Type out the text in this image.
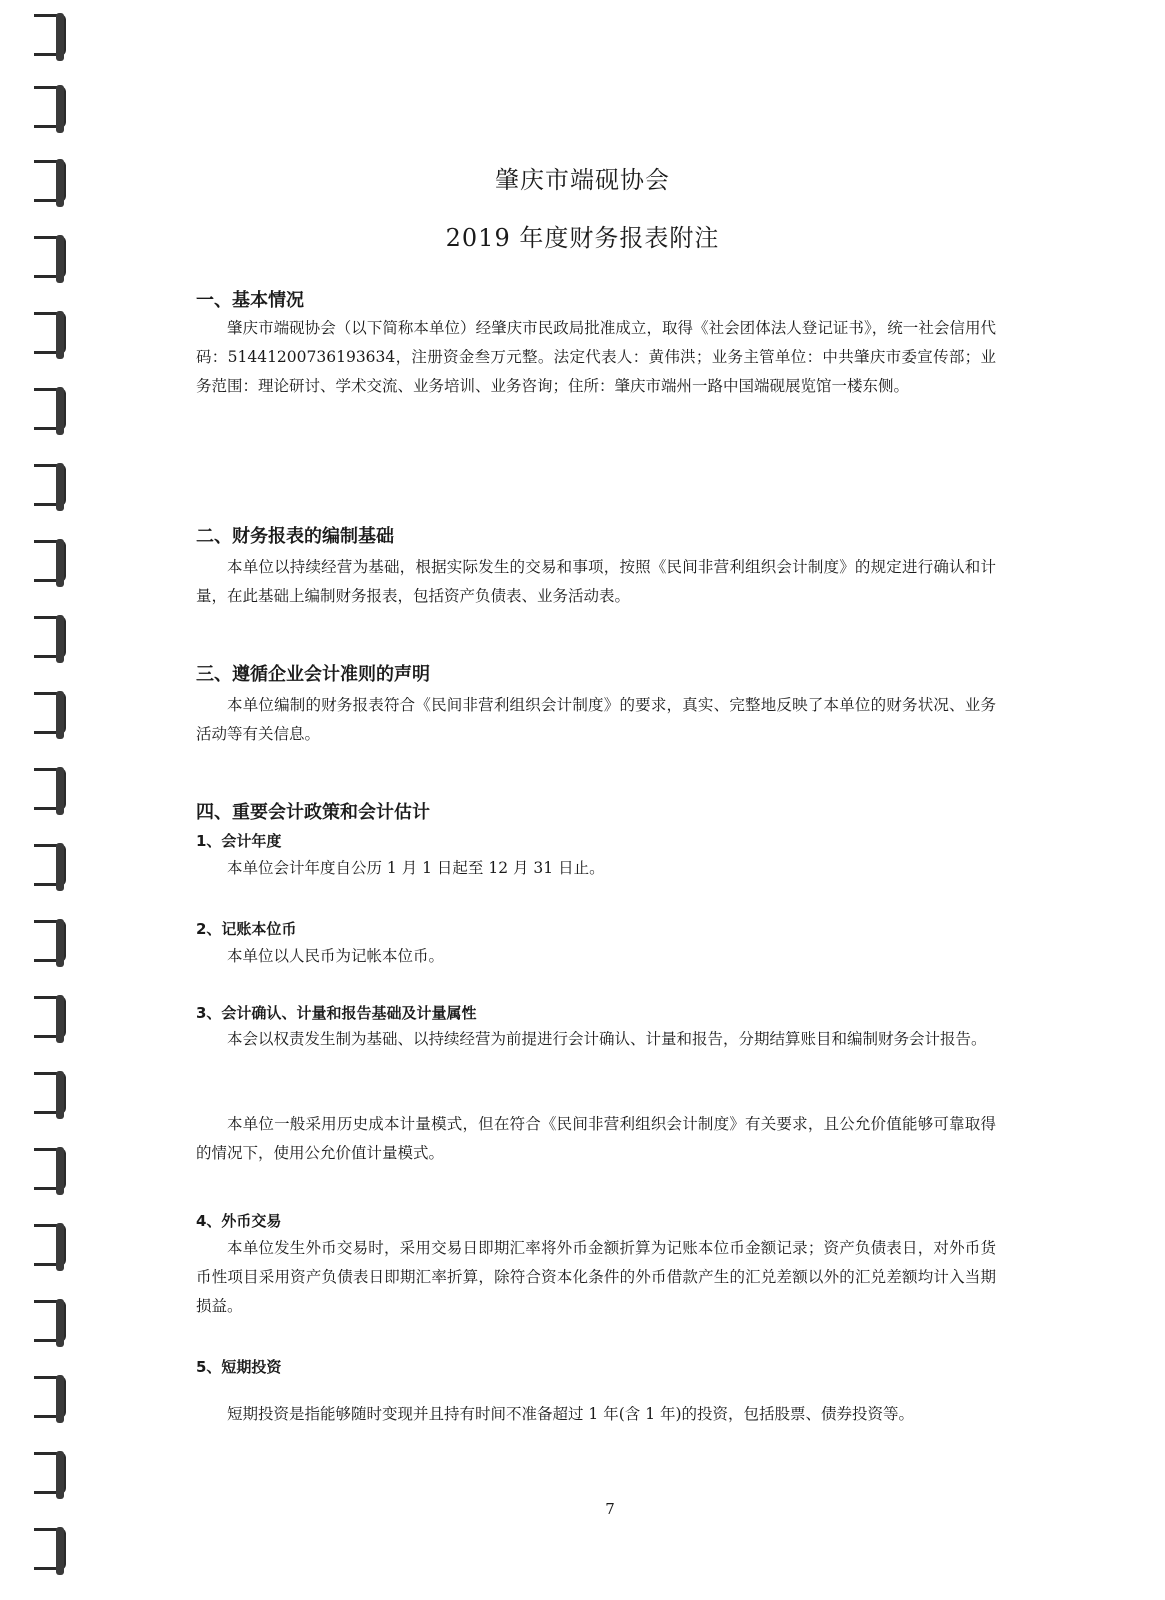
肇庆市端砚协会
2019 年度财务报表附注
一、基本情况
肇庆市端砚协会（以下简称本单位）经肇庆市民政局批准成立，取得《社会团体法人登记证书》，统一社会信用代码：51441200736193634，注册资金叁万元整。法定代表人：黄伟洪；业务主管单位：中共肇庆市委宣传部；业务范围：理论研讨、学术交流、业务培训、业务咨询；住所：肇庆市端州一路中国端砚展览馆一楼东侧。
二、财务报表的编制基础
本单位以持续经营为基础，根据实际发生的交易和事项，按照《民间非营利组织会计制度》的规定进行确认和计量，在此基础上编制财务报表，包括资产负债表、业务活动表。
三、遵循企业会计准则的声明
本单位编制的财务报表符合《民间非营利组织会计制度》的要求，真实、完整地反映了本单位的财务状况、业务活动等有关信息。
四、重要会计政策和会计估计
1、会计年度
本单位会计年度自公历 1 月 1 日起至 12 月 31 日止。
2、记账本位币
本单位以人民币为记帐本位币。
3、会计确认、计量和报告基础及计量属性
本会以权责发生制为基础、以持续经营为前提进行会计确认、计量和报告，分期结算账目和编制财务会计报告。
本单位一般采用历史成本计量模式，但在符合《民间非营利组织会计制度》有关要求，且公允价值能够可靠取得的情况下，使用公允价值计量模式。
4、外币交易
本单位发生外币交易时，采用交易日即期汇率将外币金额折算为记账本位币金额记录；资产负债表日，对外币货币性项目采用资产负债表日即期汇率折算，除符合资本化条件的外币借款产生的汇兑差额以外的汇兑差额均计入当期损益。
5、短期投资
短期投资是指能够随时变现并且持有时间不准备超过 1 年(含 1 年)的投资，包括股票、债券投资等。
7
